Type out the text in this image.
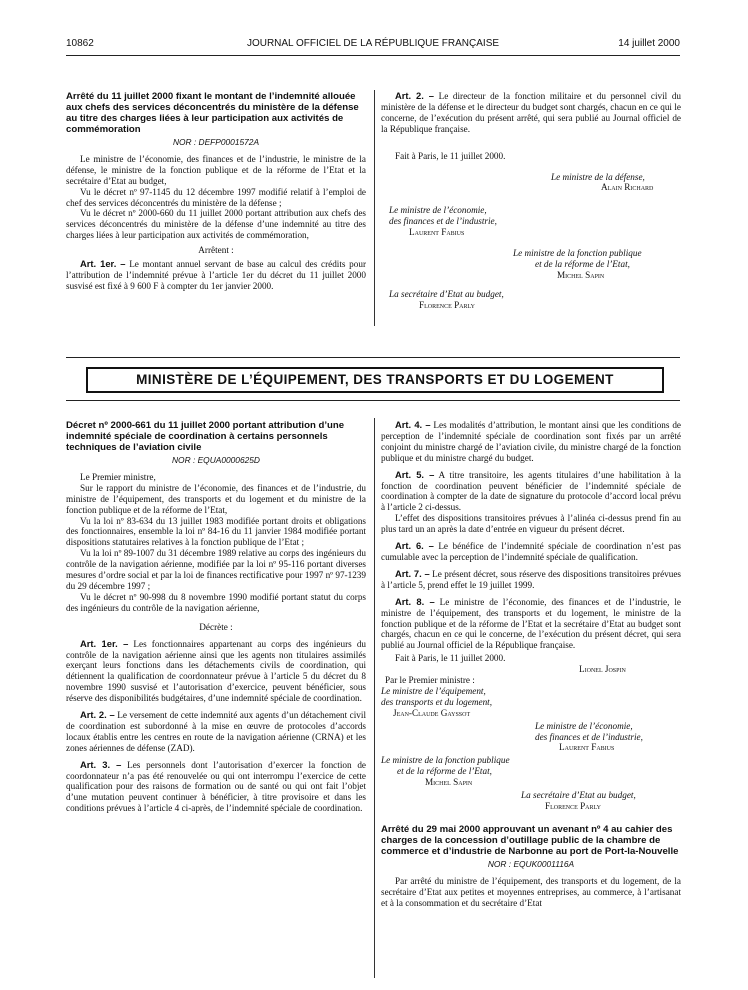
10862	JOURNAL OFFICIEL DE LA RÉPUBLIQUE FRANÇAISE	14 juillet 2000
Arrêté du 11 juillet 2000 fixant le montant de l’indemnité allouée aux chefs des services déconcentrés du ministère de la défense au titre des charges liées à leur participation aux activités de commémoration
NOR : DEFP0001572A

Le ministre de l’économie, des finances et de l’industrie, le ministre de la défense, le ministre de la fonction publique et de la réforme de l’Etat et la secrétaire d’Etat au budget,

Vu le décret nº 97-1145 du 12 décembre 1997 modifié relatif à l’emploi de chef des services déconcentrés du ministère de la défense ;

Vu le décret nº 2000-660 du 11 juillet 2000 portant attribution aux chefs des services déconcentrés du ministère de la défense d’une indemnité au titre des charges liées à leur participation aux activités de commémoration,

Arrêtent :

Art. 1er. – Le montant annuel servant de base au calcul des crédits pour l’attribution de l’indemnité prévue à l’article 1er du décret du 11 juillet 2000 susvisé est fixé à 9 600 F à compter du 1er janvier 2000.

Art. 2. – Le directeur de la fonction militaire et du personnel civil du ministère de la défense et le directeur du budget sont chargés, chacun en ce qui le concerne, de l’exécution du présent arrêté, qui sera publié au Journal officiel de la République française.

Fait à Paris, le 11 juillet 2000.

Le ministre de la défense,
Alain Richard
Le ministre de l’économie,
des finances et de l’industrie,
Laurent Fabius
Le ministre de la fonction publique
et de la réforme de l’Etat,
Michel Sapin
La secrétaire d’Etat au budget,
Florence Parly
MINISTÈRE DE L’ÉQUIPEMENT, DES TRANSPORTS ET DU LOGEMENT
Décret nº 2000-661 du 11 juillet 2000 portant attribution d’une indemnité spéciale de coordination à certains personnels techniques de l’aviation civile
NOR : EQUA0000625D

Le Premier ministre,

Sur le rapport du ministre de l’économie, des finances et de l’industrie, du ministre de l’équipement, des transports et du logement et du ministre de la fonction publique et de la réforme de l’Etat,

Vu la loi nº 83-634 du 13 juillet 1983 modifiée portant droits et obligations des fonctionnaires, ensemble la loi nº 84-16 du 11 janvier 1984 modifiée portant dispositions statutaires relatives à la fonction publique de l’Etat ;

Vu la loi nº 89-1007 du 31 décembre 1989 relative au corps des ingénieurs du contrôle de la navigation aérienne, modifiée par la loi nº 95-116 portant diverses mesures d’ordre social et par la loi de finances rectificative pour 1997 nº 97-1239 du 29 décembre 1997 ;

Vu le décret nº 90-998 du 8 novembre 1990 modifié portant statut du corps des ingénieurs du contrôle de la navigation aérienne,

Décrète :

Art. 1er. – Les fonctionnaires appartenant au corps des ingénieurs du contrôle de la navigation aérienne ainsi que les agents non titulaires assimilés exerçant leurs fonctions dans les détachements civils de coordination, qui détiennent la qualification de coordonnateur prévue à l’article 5 du décret du 8 novembre 1990 susvisé et l’autorisation d’exercice, peuvent bénéficier, sous réserve des disponibilités budgétaires, d’une indemnité spéciale de coordination.

Art. 2. – Le versement de cette indemnité aux agents d’un détachement civil de coordination est subordonné à la mise en œuvre de protocoles d’accords locaux établis entre les centres en route de la navigation aérienne (CRNA) et les zones aériennes de défense (ZAD).

Art. 3. – Les personnels dont l’autorisation d’exercer la fonction de coordonnateur n’a pas été renouvelée ou qui ont interrompu l’exercice de cette qualification pour des raisons de formation ou de santé ou qui ont fait l’objet d’une mutation peuvent continuer à bénéficier, à titre provisoire et dans les conditions prévues à l’article 4 ci-après, de l’indemnité spéciale de coordination.

Art. 4. – Les modalités d’attribution, le montant ainsi que les conditions de perception de l’indemnité spéciale de coordination sont fixés par un arrêté conjoint du ministre chargé de l’aviation civile, du ministre chargé de la fonction publique et du ministre chargé du budget.

Art. 5. – A titre transitoire, les agents titulaires d’une habilitation à la fonction de coordination peuvent bénéficier de l’indemnité spéciale de coordination à compter de la date de signature du protocole d’accord local prévu à l’article 2 ci-dessus.

L’effet des dispositions transitoires prévues à l’alinéa ci-dessus prend fin au plus tard un an après la date d’entrée en vigueur du présent décret.

Art. 6. – Le bénéfice de l’indemnité spéciale de coordination n’est pas cumulable avec la perception de l’indemnité spéciale de qualification.

Art. 7. – Le présent décret, sous réserve des dispositions transitoires prévues à l’article 5, prend effet le 19 juillet 1999.

Art. 8. – Le ministre de l’économie, des finances et de l’industrie, le ministre de l’équipement, des transports et du logement, le ministre de la fonction publique et de la réforme de l’Etat et la secrétaire d’Etat au budget sont chargés, chacun en ce qui le concerne, de l’exécution du présent décret, qui sera publié au Journal officiel de la République française.

Fait à Paris, le 11 juillet 2000.

Lionel Jospin
Par le Premier ministre :
Le ministre de l’équipement,
des transports et du logement,
Jean-Claude Gayssot
Le ministre de l’économie,
des finances et de l’industrie,
Laurent Fabius
Le ministre de la fonction publique
et de la réforme de l’Etat,
Michel Sapin
La secrétaire d’Etat au budget,
Florence Parly
Arrêté du 29 mai 2000 approuvant un avenant nº 4 au cahier des charges de la concession d’outillage public de la chambre de commerce et d’industrie de Narbonne au port de Port-la-Nouvelle
NOR : EQUK0001116A

Par arrêté du ministre de l’équipement, des transports et du logement, de la secrétaire d’Etat aux petites et moyennes entreprises, au commerce, à l’artisanat et à la consommation et du secrétaire d’Etat
